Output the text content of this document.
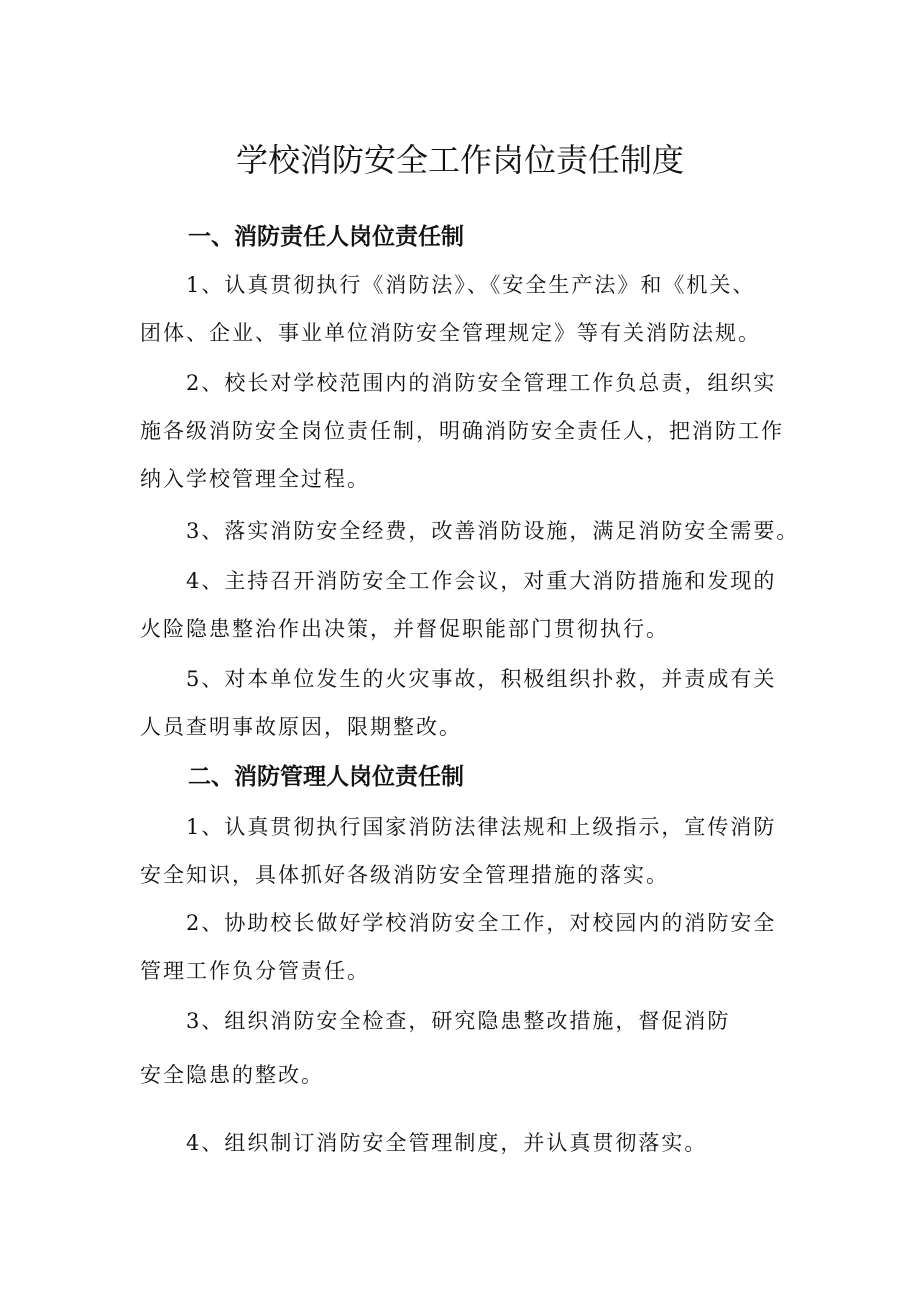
学校消防安全工作岗位责任制度
一、消防责任人岗位责任制
1、认真贯彻执行《消防法》、《安全生产法》和《机关、
团体、企业、事业单位消防安全管理规定》等有关消防法规。
2、校长对学校范围内的消防安全管理工作负总责，组织实
施各级消防安全岗位责任制，明确消防安全责任人，把消防工作
纳入学校管理全过程。
3、落实消防安全经费，改善消防设施，满足消防安全需要。
4、主持召开消防安全工作会议，对重大消防措施和发现的
火险隐患整治作出决策，并督促职能部门贯彻执行。
5、对本单位发生的火灾事故，积极组织扑救，并责成有关
人员查明事故原因，限期整改。
二、消防管理人岗位责任制
1、认真贯彻执行国家消防法律法规和上级指示，宣传消防
安全知识，具体抓好各级消防安全管理措施的落实。
2、协助校长做好学校消防安全工作，对校园内的消防安全
管理工作负分管责任。
3、组织消防安全检查，研究隐患整改措施，督促消防
安全隐患的整改。
4、组织制订消防安全管理制度，并认真贯彻落实。
